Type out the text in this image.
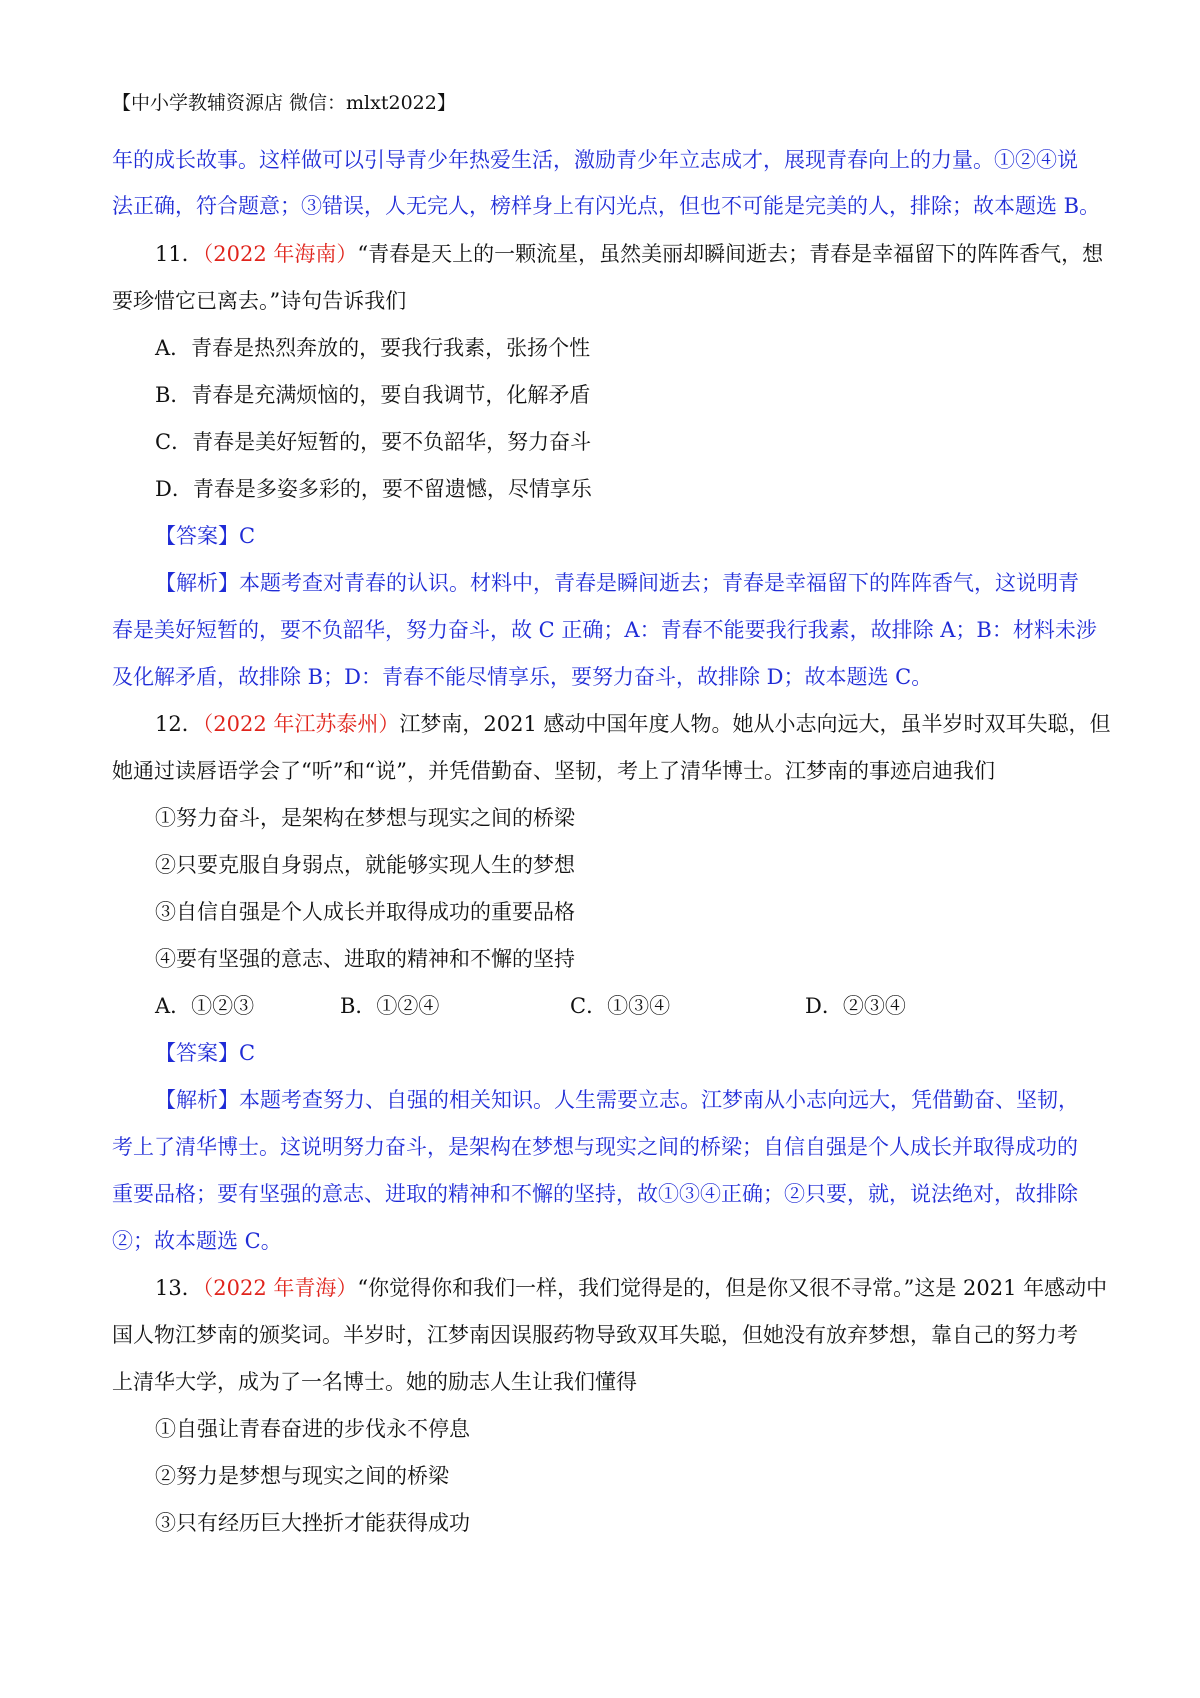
【中小学教辅资源店 微信：mlxt2022】
年的成长故事。这样做可以引导青少年热爱生活，激励青少年立志成才，展现青春向上的力量。①②④说
法正确，符合题意；③错误，人无完人，榜样身上有闪光点，但也不可能是完美的人，排除；故本题选 B。
11．（2022 年海南）“青春是天上的一颗流星，虽然美丽却瞬间逝去；青春是幸福留下的阵阵香气，想
要珍惜它已离去。”诗句告诉我们
A．青春是热烈奔放的，要我行我素，张扬个性
B．青春是充满烦恼的，要自我调节，化解矛盾
C．青春是美好短暂的，要不负韶华，努力奋斗
D．青春是多姿多彩的，要不留遗憾，尽情享乐
【答案】C
【解析】本题考查对青春的认识。材料中，青春是瞬间逝去；青春是幸福留下的阵阵香气，这说明青
春是美好短暂的，要不负韶华，努力奋斗，故 C 正确；A：青春不能要我行我素，故排除 A；B：材料未涉
及化解矛盾，故排除 B；D：青春不能尽情享乐，要努力奋斗，故排除 D；故本题选 C。
12．（2022 年江苏泰州）江梦南，2021 感动中国年度人物。她从小志向远大，虽半岁时双耳失聪，但
她通过读唇语学会了“听”和“说”，并凭借勤奋、坚韧，考上了清华博士。江梦南的事迹启迪我们
①努力奋斗，是架构在梦想与现实之间的桥梁
②只要克服自身弱点，就能够实现人生的梦想
③自信自强是个人成长并取得成功的重要品格
④要有坚强的意志、进取的精神和不懈的坚持
A．①②③	B．①②④	C．①③④	D．②③④
【答案】C
【解析】本题考查努力、自强的相关知识。人生需要立志。江梦南从小志向远大，凭借勤奋、坚韧，
考上了清华博士。这说明努力奋斗，是架构在梦想与现实之间的桥梁；自信自强是个人成长并取得成功的
重要品格；要有坚强的意志、进取的精神和不懈的坚持，故①③④正确；②只要，就，说法绝对，故排除
②；故本题选 C。
13．（2022 年青海）“你觉得你和我们一样，我们觉得是的，但是你又很不寻常。”这是 2021 年感动中
国人物江梦南的颁奖词。半岁时，江梦南因误服药物导致双耳失聪，但她没有放弃梦想，靠自己的努力考
上清华大学，成为了一名博士。她的励志人生让我们懂得
①自强让青春奋进的步伐永不停息
②努力是梦想与现实之间的桥梁
③只有经历巨大挫折才能获得成功
